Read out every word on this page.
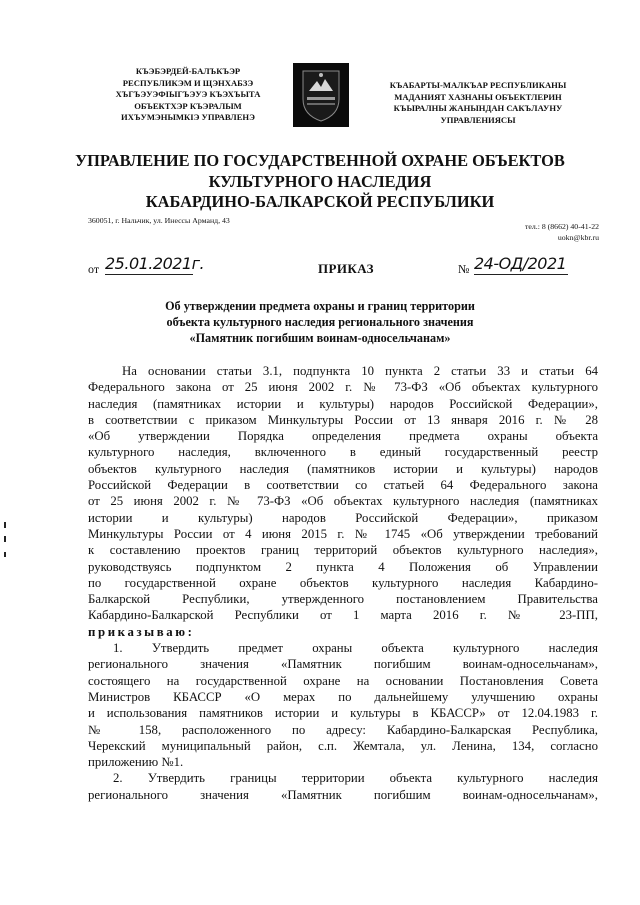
КЪЭБЭРДЕЙ-БАЛЪКЪЭР
РЕСПУБЛИКЭМ И ЩЭНХАБЗЭ
ХЪГЪЭУЭФIЫГЪЭУЭ КЪЭХЪЫТА
ОБЪЕКТХЭР КЪЭРАЛЫМ
ИХЪУМЭНЫМКIЭ УПРАВЛЕНЭ
КЪАБАРТЫ-МАЛКЪАР РЕСПУБЛИКАНЫ
МАДАНИЯТ ХАЗНАНЫ ОБЪЕКТЛЕРИН
КЪЫРАЛНЫ ЖАНЫНДАН САКЪЛАУНУ
УПРАВЛЕНИЯСЫ
УПРАВЛЕНИЕ ПО ГОСУДАРСТВЕННОЙ ОХРАНЕ ОБЪЕКТОВ
КУЛЬТУРНОГО НАСЛЕДИЯ
КАБАРДИНО-БАЛКАРСКОЙ РЕСПУБЛИКИ
360051, г. Нальчик, ул. Инессы Арманд, 43
тел.: 8 (8662) 40-41-22
uokn@kbr.ru
от 25.01.2021г.	ПРИКАЗ	№ 24-ОД/2021
Об утверждении предмета охраны и границ территории
объекта культурного наследия регионального значения
«Памятник погибшим воинам-односельчанам»
На основании статьи 3.1, подпункта 10 пункта 2 статьи 33 и статьи 64
Федерального закона от 25 июня 2002 г. № 73-ФЗ «Об объектах культурного
наследия (памятниках истории и культуры) народов Российской Федерации»,
в соответствии с приказом Минкультуры России от 13 января 2016 г. № 28
«Об утверждении Порядка определения предмета охраны объекта
культурного наследия, включенного в единый государственный реестр
объектов культурного наследия (памятников истории и культуры) народов
Российской Федерации в соответствии со статьей 64 Федерального закона
от 25 июня 2002 г. № 73-ФЗ «Об объектах культурного наследия (памятниках
истории и культуры) народов Российской Федерации», приказом
Минкультуры России от 4 июня 2015 г. № 1745 «Об утверждении требований
к составлению проектов границ территорий объектов культурного наследия»,
руководствуясь подпунктом 2 пункта 4 Положения об Управлении
по государственной охране объектов культурного наследия Кабардино-
Балкарской Республики, утвержденного постановлением Правительства
Кабардино-Балкарской Республики от 1 марта 2016 г. № 23-ПП,
приказываю:
1. Утвердить предмет охраны объекта культурного наследия
регионального значения «Памятник погибшим воинам-односельчанам»,
состоящего на государственной охране на основании Постановления Совета
Министров КБАССР «О мерах по дальнейшему улучшению охраны
и использования памятников истории и культуры в КБАССР» от 12.04.1983 г.
№ 158, расположенного по адресу: Кабардино-Балкарская Республика,
Черекский муниципальный район, с.п. Жемтала, ул. Ленина, 134, согласно
приложению №1.
2. Утвердить границы территории объекта культурного наследия
регионального значения «Памятник погибшим воинам-односельчанам»,
